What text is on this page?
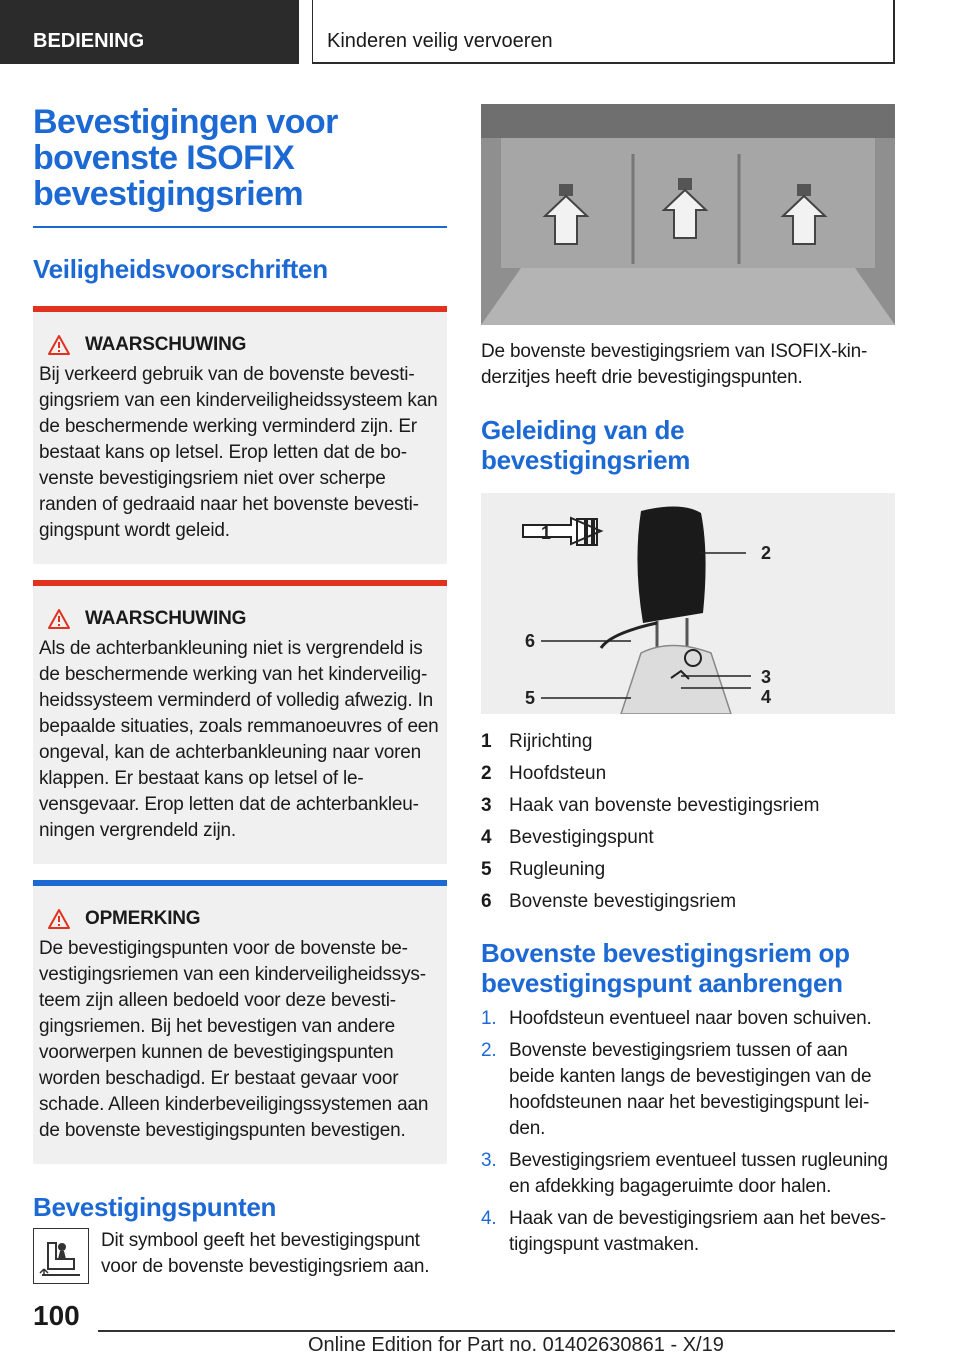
BEDIENING	Kinderen veilig vervoeren
Bevestigingen voor bovenste ISOFIX bevestigingsriem
Veiligheidsvoorschriften
WAARSCHUWING
Bij verkeerd gebruik van de bovenste bevestigingsriem van een kinderveiligheidssysteem kan de beschermende werking verminderd zijn. Er bestaat kans op letsel. Erop letten dat de bovenste bevestigingsriem niet over scherpe randen of gedraaid naar het bovenste bevestigingspunt wordt geleid.
WAARSCHUWING
Als de achterbankleuning niet is vergrendeld is de beschermende werking van het kinderveiligheidssysteem verminderd of volledig afwezig. In bepaalde situaties, zoals remmanoeuvres of een ongeval, kan de achterbankleuning naar voren klappen. Er bestaat kans op letsel of levensgevaar. Erop letten dat de achterbankleuningen vergrendeld zijn.
OPMERKING
De bevestigingspunten voor de bovenste bevestigingsriemen van een kinderveiligheidssysteem zijn alleen bedoeld voor deze bevestigingsriemen. Bij het bevestigen van andere voorwerpen kunnen de bevestigingspunten worden beschadigd. Er bestaat gevaar voor schade. Alleen kinderbeveiligingssystemen aan de bovenste bevestigingspunten bevestigen.
Bevestigingspunten
Dit symbool geeft het bevestigingspunt voor de bovenste bevestigingsriem aan.
De bovenste bevestigingsriem van ISOFIX-kinderzitjes heeft drie bevestigingspunten.
Geleiding van de bevestigingsriem
1
2
6
3
5	4
1 Rijrichting
2 Hoofdsteun
3 Haak van bovenste bevestigingsriem
4 Bevestigingspunt
5 Rugleuning
6 Bovenste bevestigingsriem
Bovenste bevestigingsriem op bevestigingspunt aanbrengen
1. Hoofdsteun eventueel naar boven schuiven.
2. Bovenste bevestigingsriem tussen of aan beide kanten langs de bevestigingen van de hoofdsteunen naar het bevestigingspunt leiden.
3. Bevestigingsriem eventueel tussen rugleuning en afdekking bagageruimte door halen.
4. Haak van de bevestigingsriem aan het bevestigingspunt vastmaken.
100
Online Edition for Part no. 01402630861 - X/19
